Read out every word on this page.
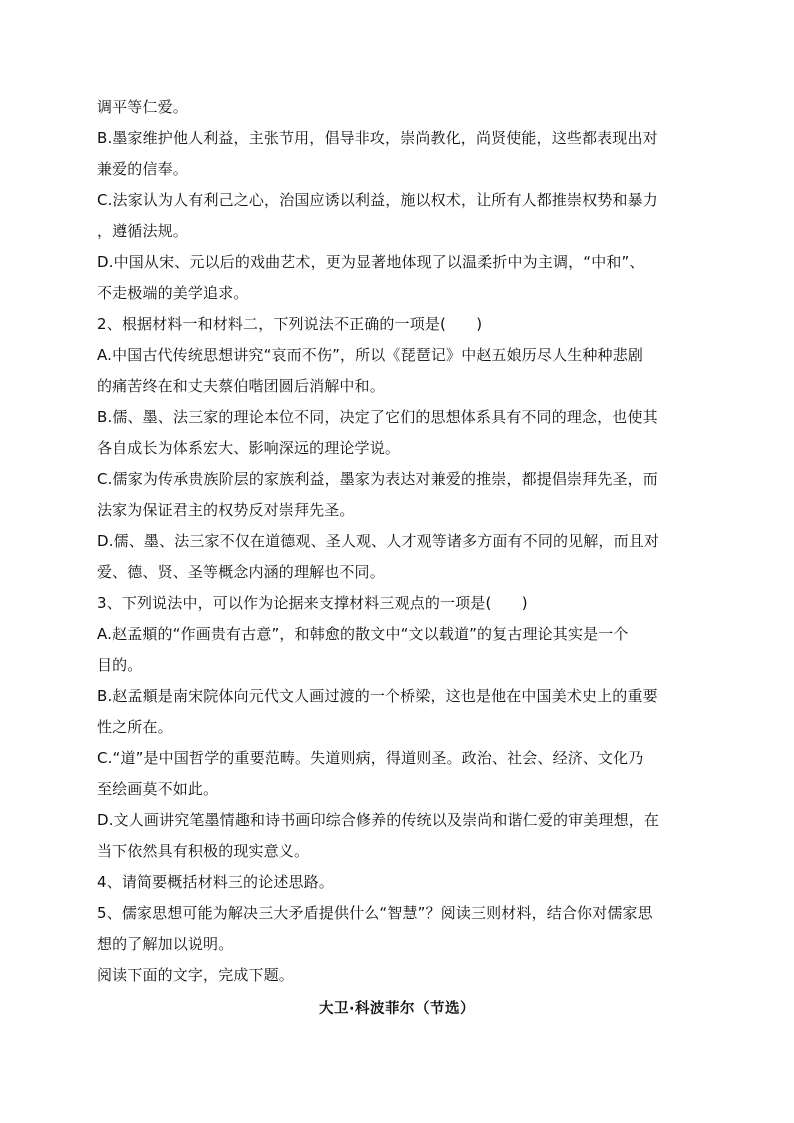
调平等仁爱。
B.墨家维护他人利益，主张节用，倡导非攻，崇尚教化，尚贤使能，这些都表现出对
兼爱的信奉。
C.法家认为人有利己之心，治国应诱以利益，施以权术，让所有人都推崇权势和暴力
，遵循法规。
D.中国从宋、元以后的戏曲艺术，更为显著地体现了以温柔折中为主调，“中和”、
不走极端的美学追求。
2、根据材料一和材料二，下列说法不正确的一项是(　　)
A.中国古代传统思想讲究“哀而不伤”，所以《琵琶记》中赵五娘历尽人生种种悲剧
的痛苦终在和丈夫蔡伯喈团圆后消解中和。
B.儒、墨、法三家的理论本位不同，决定了它们的思想体系具有不同的理念，也使其
各自成长为体系宏大、影响深远的理论学说。
C.儒家为传承贵族阶层的家族利益，墨家为表达对兼爱的推崇，都提倡崇拜先圣，而
法家为保证君主的权势反对崇拜先圣。
D.儒、墨、法三家不仅在道德观、圣人观、人才观等诸多方面有不同的见解，而且对
爱、德、贤、圣等概念内涵的理解也不同。
3、下列说法中，可以作为论据来支撑材料三观点的一项是(　　)
A.赵孟頫的“作画贵有古意”，和韩愈的散文中“文以载道”的复古理论其实是一个
目的。
B.赵孟頫是南宋院体向元代文人画过渡的一个桥梁，这也是他在中国美术史上的重要
性之所在。
C.“道”是中国哲学的重要范畴。失道则病，得道则圣。政治、社会、经济、文化乃
至绘画莫不如此。
D.文人画讲究笔墨情趣和诗书画印综合修养的传统以及崇尚和谐仁爱的审美理想，在
当下依然具有积极的现实意义。
4、请简要概括材料三的论述思路。
5、儒家思想可能为解决三大矛盾提供什么“智慧”？阅读三则材料，结合你对儒家思
想的了解加以说明。
阅读下面的文字，完成下题。
大卫·科波菲尔（节选）
